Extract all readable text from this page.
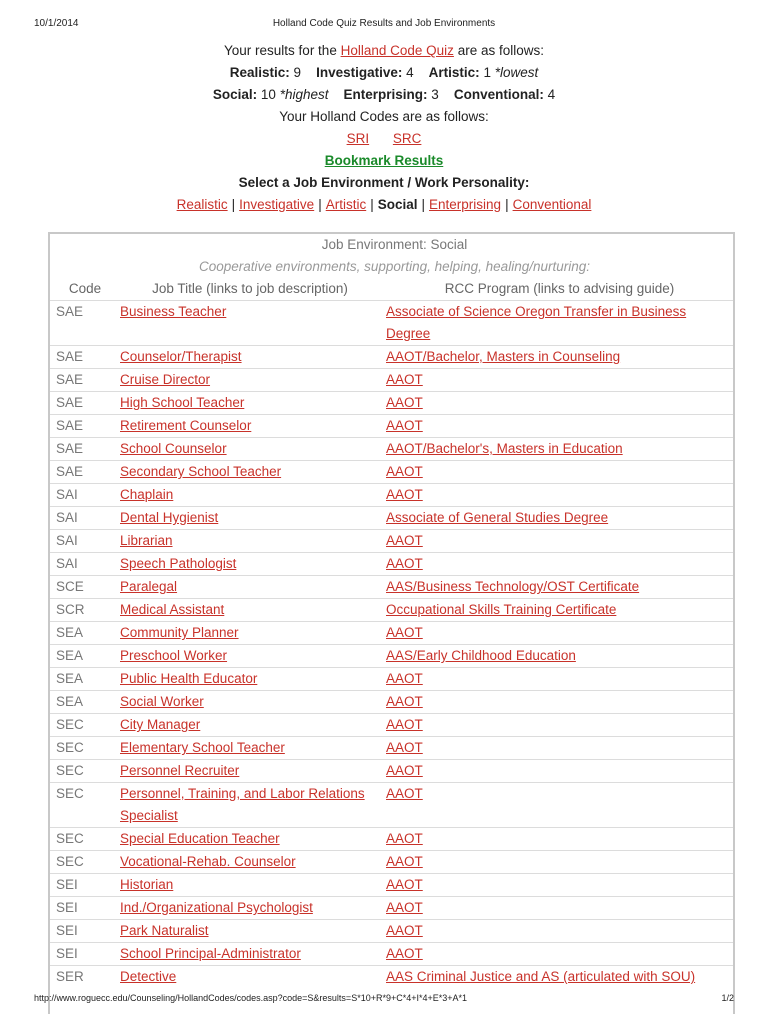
10/1/2014	Holland Code Quiz Results and Job Environments
Your results for the Holland Code Quiz are as follows:
Realistic: 9 Investigative: 4 Artistic: 1 *lowest
Social: 10 *highest Enterprising: 3 Conventional: 4
Your Holland Codes are as follows:
SRI SRC
Bookmark Results
Select a Job Environment / Work Personality:
Realistic | Investigative | Artistic | Social | Enterprising | Conventional
Job Environment: Social		
Cooperative environments, supporting, helping, healing/nurturing:		
Code	Job Title (links to job description)	RCC Program (links to advising guide)
SAE	Business Teacher	Associate of Science Oregon Transfer in Business Degree
SAE	Counselor/Therapist	AAOT/Bachelor, Masters in Counseling
SAE	Cruise Director	AAOT
SAE	High School Teacher	AAOT
SAE	Retirement Counselor	AAOT
SAE	School Counselor	AAOT/Bachelor's, Masters in Education
SAE	Secondary School Teacher	AAOT
SAI	Chaplain	AAOT
SAI	Dental Hygienist	Associate of General Studies Degree
SAI	Librarian	AAOT
SAI	Speech Pathologist	AAOT
SCE	Paralegal	AAS/Business Technology/OST Certificate
SCR	Medical Assistant	Occupational Skills Training Certificate
SEA	Community Planner	AAOT
SEA	Preschool Worker	AAS/Early Childhood Education
SEA	Public Health Educator	AAOT
SEA	Social Worker	AAOT
SEC	City Manager	AAOT
SEC	Elementary School Teacher	AAOT
SEC	Personnel Recruiter	AAOT
SEC	Personnel, Training, and Labor Relations Specialist	AAOT
SEC	Special Education Teacher	AAOT
SEC	Vocational-Rehab. Counselor	AAOT
SEI	Historian	AAOT
SEI	Ind./Organizational Psychologist	AAOT
SEI	Park Naturalist	AAOT
SEI	School Principal-Administrator	AAOT
SER	Detective	AAS Criminal Justice and AS (articulated with SOU)
http://www.roguecc.edu/Counseling/HollandCodes/codes.asp?code=S&results=S*10+R*9+C*4+I*4+E*3+A*1	1/2
